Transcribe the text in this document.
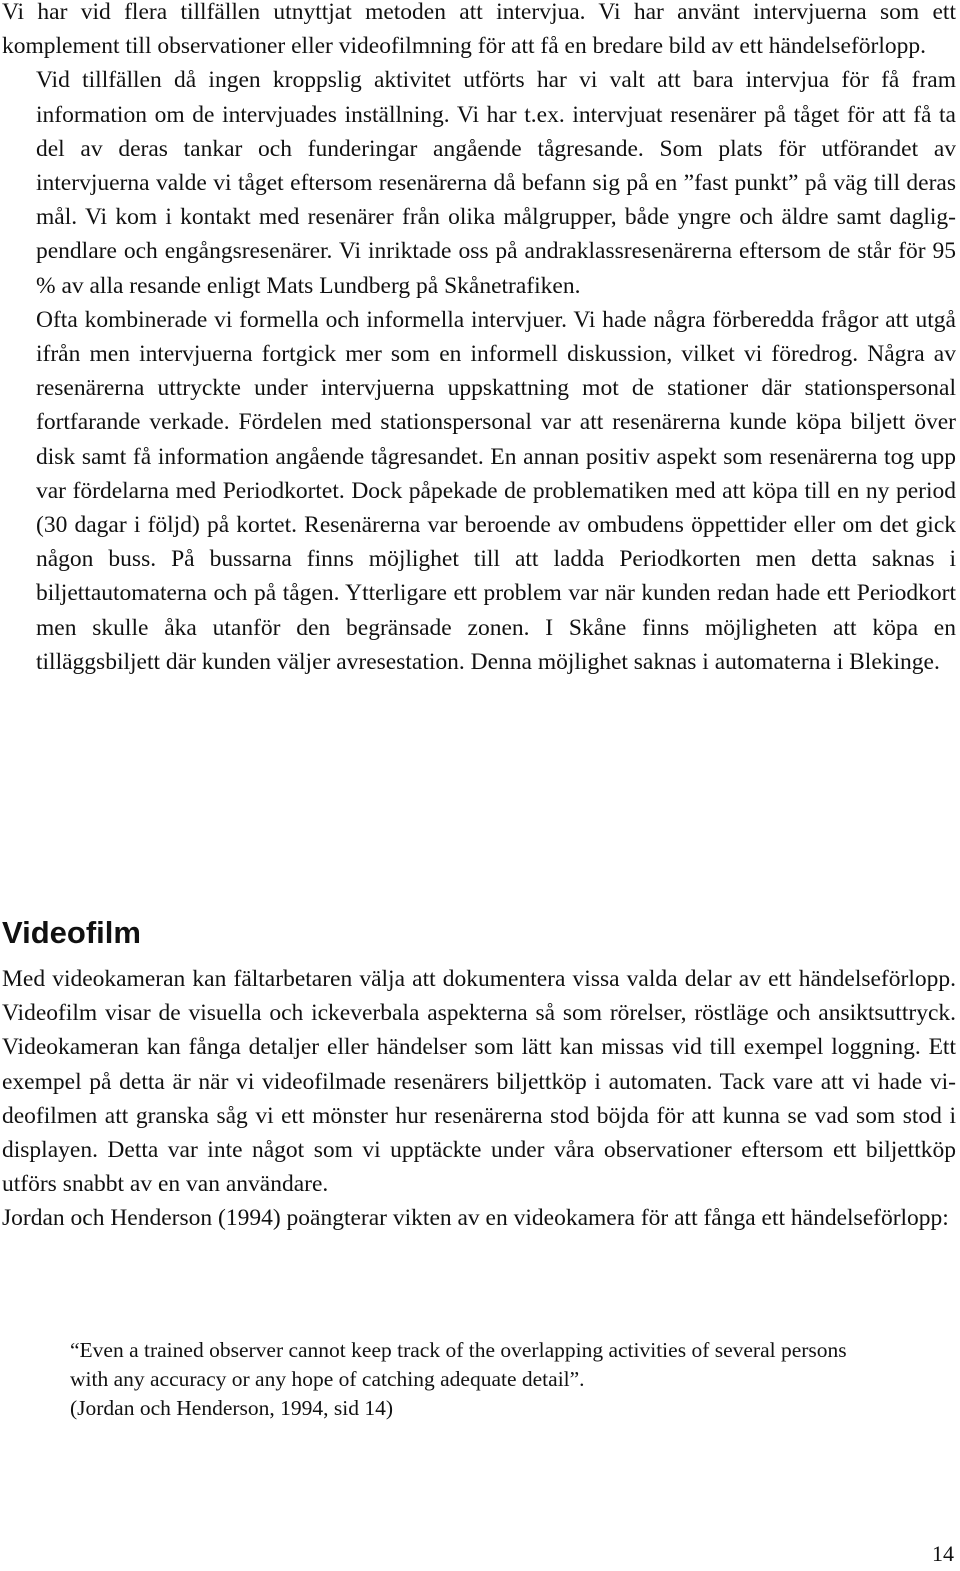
Vi har vid flera tillfällen utnyttjat metoden att intervjua. Vi har använt intervjuerna som ett komplement till observationer eller videofilmning för att få en bredare bild av ett händelseförlopp.

Vid tillfällen då ingen kroppslig aktivitet utförts har vi valt att bara intervjua för få fram information om de intervjuades inställning. Vi har t.ex. intervjuat resenärer på tåget för att få ta del av deras tankar och funderingar angående tågresande. Som plats för utförandet av intervjuerna valde vi tåget eftersom resenärerna då befann sig på en ”fast punkt” på väg till deras mål. Vi kom i kontakt med resenärer från olika målgrupper, både yngre och äldre samt dagligpendlare och engångsresenärer. Vi inriktade oss på andraklassresenärerna eftersom de står för 95 % av alla resande enligt Mats Lundberg på Skånetrafiken.

Ofta kombinerade vi formella och informella intervjuer. Vi hade några förberedda frågor att utgå ifrån men intervjuerna fortgick mer som en informell diskussion, vilket vi föredrog. Några av resenärerna uttryckte under intervjuerna uppskattning mot de stationer där stationspersonal fortfarande verkade. Fördelen med stationspersonal var att resenärerna kunde köpa biljett över disk samt få information angående tågresandet. En annan positiv aspekt som resenärerna tog upp var fördelarna med Periodkortet. Dock påpekade de problematiken med att köpa till en ny period (30 dagar i följd) på kortet. Resenärerna var beroende av ombudens öppettider eller om det gick någon buss. På bussarna finns möjlighet till att ladda Periodkorten men detta saknas i biljettautomaterna och på tågen. Ytterligare ett problem var när kunden redan hade ett Periodkort men skulle åka utanför den begränsade zonen. I Skåne finns möjligheten att köpa en tilläggsbiljett där kunden väljer avresestation. Denna möjlighet saknas i automaterna i Blekinge.

Videofilm

Med videokameran kan fältarbetaren välja att dokumentera vissa valda delar av ett händelseförlopp. Videofilm visar de visuella och ickeverbala aspekterna så som rörelser, röstläge och ansiktsuttryck. Videokameran kan fånga detaljer eller händelser som lätt kan missas vid till exempel loggning. Ett exempel på detta är när vi videofilmade resenärers biljettköp i automaten. Tack vare att vi hade videofilmen att granska såg vi ett mönster hur resenärerna stod böjda för att kunna se vad som stod i displayen. Detta var inte något som vi upptäckte under våra observationer eftersom ett biljettköp utförs snabbt av en van användare.

Jordan och Henderson (1994) poängterar vikten av en videokamera för att fånga ett händelseförlopp:

“Even a trained observer cannot keep track of the overlapping activities of several persons with any accuracy or any hope of catching adequate detail”.
(Jordan och Henderson, 1994, sid 14)
14
